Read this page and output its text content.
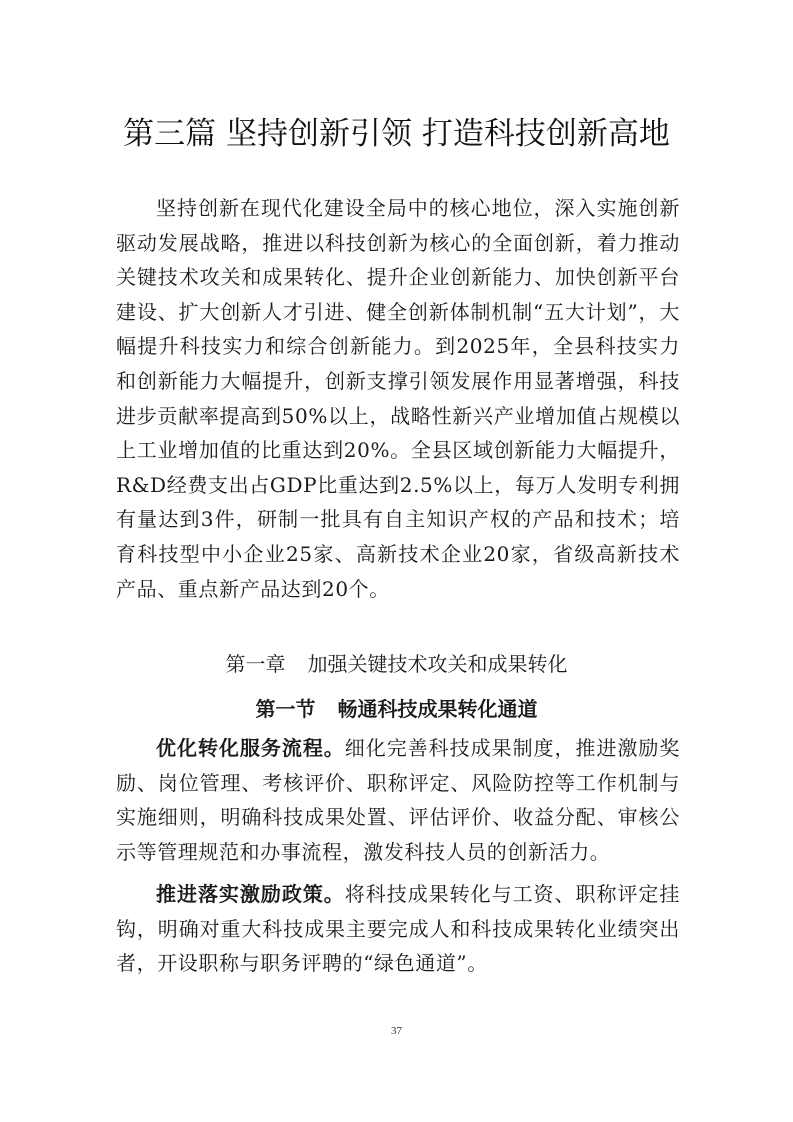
第三篇 坚持创新引领 打造科技创新高地

坚持创新在现代化建设全局中的核心地位，深入实施创新驱动发展战略，推进以科技创新为核心的全面创新，着力推动关键技术攻关和成果转化、提升企业创新能力、加快创新平台建设、扩大创新人才引进、健全创新体制机制“五大计划”，大幅提升科技实力和综合创新能力。到2025年，全县科技实力和创新能力大幅提升，创新支撑引领发展作用显著增强，科技进步贡献率提高到50%以上，战略性新兴产业增加值占规模以上工业增加值的比重达到20%。全县区域创新能力大幅提升，R&D经费支出占GDP比重达到2.5%以上，每万人发明专利拥有量达到3件，研制一批具有自主知识产权的产品和技术；培育科技型中小企业25家、高新技术企业20家，省级高新技术产品、重点新产品达到20个。

第一章 加强关键技术攻关和成果转化
第一节 畅通科技成果转化通道

优化转化服务流程。细化完善科技成果制度，推进激励奖励、岗位管理、考核评价、职称评定、风险防控等工作机制与实施细则，明确科技成果处置、评估评价、收益分配、审核公示等管理规范和办事流程，激发科技人员的创新活力。

推进落实激励政策。将科技成果转化与工资、职称评定挂钩，明确对重大科技成果主要完成人和科技成果转化业绩突出者，开设职称与职务评聘的“绿色通道”。

37
